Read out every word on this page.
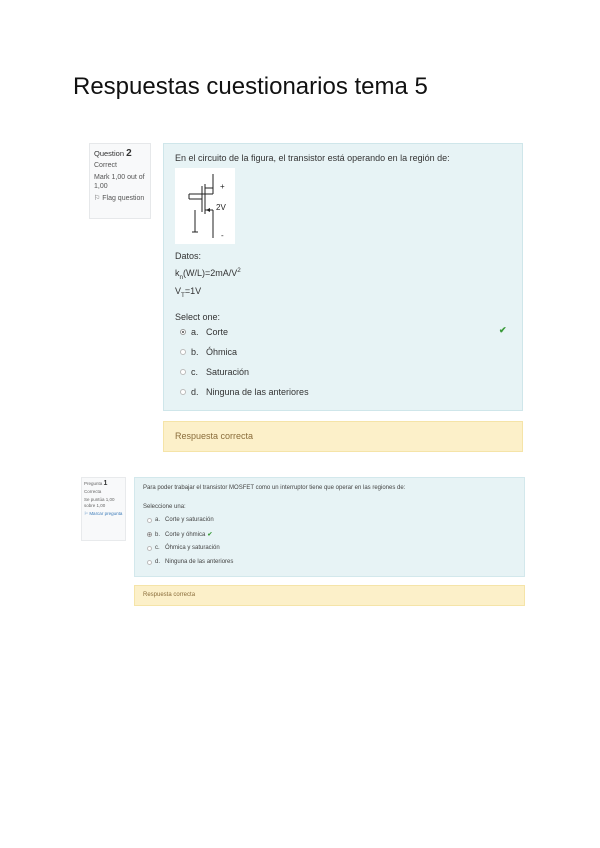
Respuestas cuestionarios tema 5
Question 2
Correct
Mark 1,00 out of 1,00
⚐ Flag question
En el circuito de la figura, el transistor está operando en la región de:
+
2V
-
Datos:
$k_n(W/L)=2mA/V^2$
$V_T=1V$
Select one:
a. Corte
b. Óhmica
c. Saturación
d. Ninguna de las anteriores
✔
Respuesta correcta
Pregunta 1
Correcta
Se puntúa 1,00 sobre 1,00
⚐ Marcar pregunta
Para poder trabajar el transistor MOSFET como un interruptor tiene que operar en las regiones de:
Seleccione una:
a. Corte y saturación
b. Corte y óhmica ✔
c. Óhmica y saturación
d. Ninguna de las anteriores
Respuesta correcta
